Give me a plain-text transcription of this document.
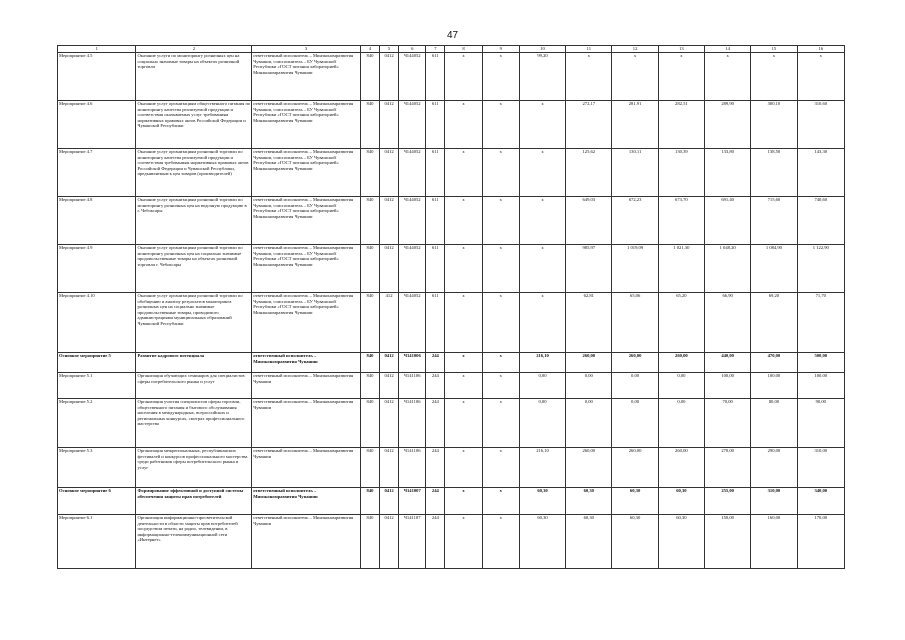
47
1	2	3	4	5	6	7	8	9	10	11	12	13	14	15	16
Мероприятие 4.5	Оказание услуги по мониторингу розничных цен на социально значимые товары на объектах розничной торговли	ответственный исполнитель – Минэкономразвития Чувашии, соисполнитель – БУ Чувашской Республики «ГОСТ питания лабораторией» Минэкономразвития Чувашии	840	0412	Ч144052	611	х	х	99,20	х	х	х	х	х	х
Мероприятие 4.6	Оказание услуг организациям общественного питания по мониторингу качества реализуемой продукции и соответствия оказываемых услуг требованиям нормативных правовых актов Российской Федерации и Чувашской Республики	ответственный исполнитель – Минэкономразвития Чувашии, соисполнитель – БУ Чувашской Республики «ГОСТ питания лабораторией» Минэкономразвития Чувашии	840	0412	Ч144052	611	х	х	х	272,17	281,91	282,51	289,90	300,10	310,60
Мероприятие 4.7	Оказание услуг организациям розничной торговли по мониторингу качества реализуемой продукции и соответствия требованиям нормативных правовых актов Российской Федерации и Чувашской Республики, предъявляемым к цен товаров (производителей)	ответственный исполнитель – Минэкономразвития Чувашии, соисполнитель – БУ Чувашской Республики «ГОСТ питания лабораторией» Минэкономразвития Чувашии	840	0412	Ч144052	611	х	х	х	125,62	130,11	130,39	133,80	138,50	143,30
Мероприятие 4.8	Оказание услуг организациям розничной торговли по мониторингу розничных цен на водочную продукцию в г. Чебоксары	ответственный исполнитель – Минэкономразвития Чувашии, соисполнитель – БУ Чувашской Республики «ГОСТ питания лабораторией» Минэкономразвития Чувашии	840	0412	Ч144052	611	х	х	х	649,03	672,23	673,70	691,40	715,60	740,60
Мероприятие 4.9	Оказание услуг организациям розничной торговли по мониторингу розничных цен на социально значимые продовольственные товары на объектах розничной торговли г. Чебоксары	ответственный исполнитель – Минэкономразвития Чувашии, соисполнитель – БУ Чувашской Республики «ГОСТ питания лабораторией» Минэкономразвития Чувашии	840	0412	Ч144052	611	х	х	х	985,97	1 019,09	1 021,30	1 048,20	1 084,90	1 122,90
Мероприятие 4.10	Оказание услуг организациям розничной торговли по обобщению и анализу результатов мониторинга розничных цен на социально значимые продовольственные товары, проводимого администрациями муниципальных образований Чувашской Республики	ответственный исполнитель – Минэкономразвития Чувашии, соисполнитель – БУ Чувашской Республики «ГОСТ питания лабораторией» Минэкономразвития Чувашии	840	412	Ч144052	611	х	х	х	62,81	65,06	65,20	66,90	69,20	71,70
Основное мероприятие 5	Развитие кадрового потенциала	ответственный исполнитель – Минэкономразвития Чувашии	840	0412	Ч141006	244	х	х	216,10	260,00	260,00	260,00	440,00	470,00	500,00
Мероприятие 5.1	Организация обучающих семинаров для специалистов сферы потребительского рынка и услуг	ответственный исполнитель – Минэкономразвития Чувашии	840	0412	Ч141106	244	х	х	0,00	0,00	0,00	0,00	100,00	100,00	100,00
Мероприятие 5.2	Организация участия специалистов сферы торговли, общественного питания и бытового обслуживания населения в международных, всероссийских и региональных конкурсах, смотрах профессионального мастерства	ответственный исполнитель – Минэкономразвития Чувашии	840	0412	Ч141106	244	х	х	0,00	0,00	0,00	0,00	70,00	80,00	90,00
Мероприятие 5.3	Организация межрегиональных, республиканских фестивалей и конкурсов профессионального мастерства среди работников сферы потребительского рынка и услуг	ответственный исполнитель – Минэкономразвития Чувашии	840	0412	Ч141106	244	х	х	216,10	260,00	260,00	260,00	270,00	290,00	310,00
Основное мероприятие 6	Формирование эффективной и доступной системы обеспечения защиты прав потребителей	ответственный исполнитель – Минэкономразвития Чувашии	840	0412	Ч141007	244	х	х	60,30	60,30	60,30	60,30	255,00	310,00	340,00
Мероприятие 6.1	Организация информационно-просветительской деятельности в области защиты прав потребителей посредством печати, на радио, телевидении, в информационно-телекоммуникационной сети «Интернет»	ответственный исполнитель – Минэкономразвития Чувашии	840	0412	Ч141107	244	х	х	60,30	60,30	60,30	60,30	150,00	160,00	170,00
